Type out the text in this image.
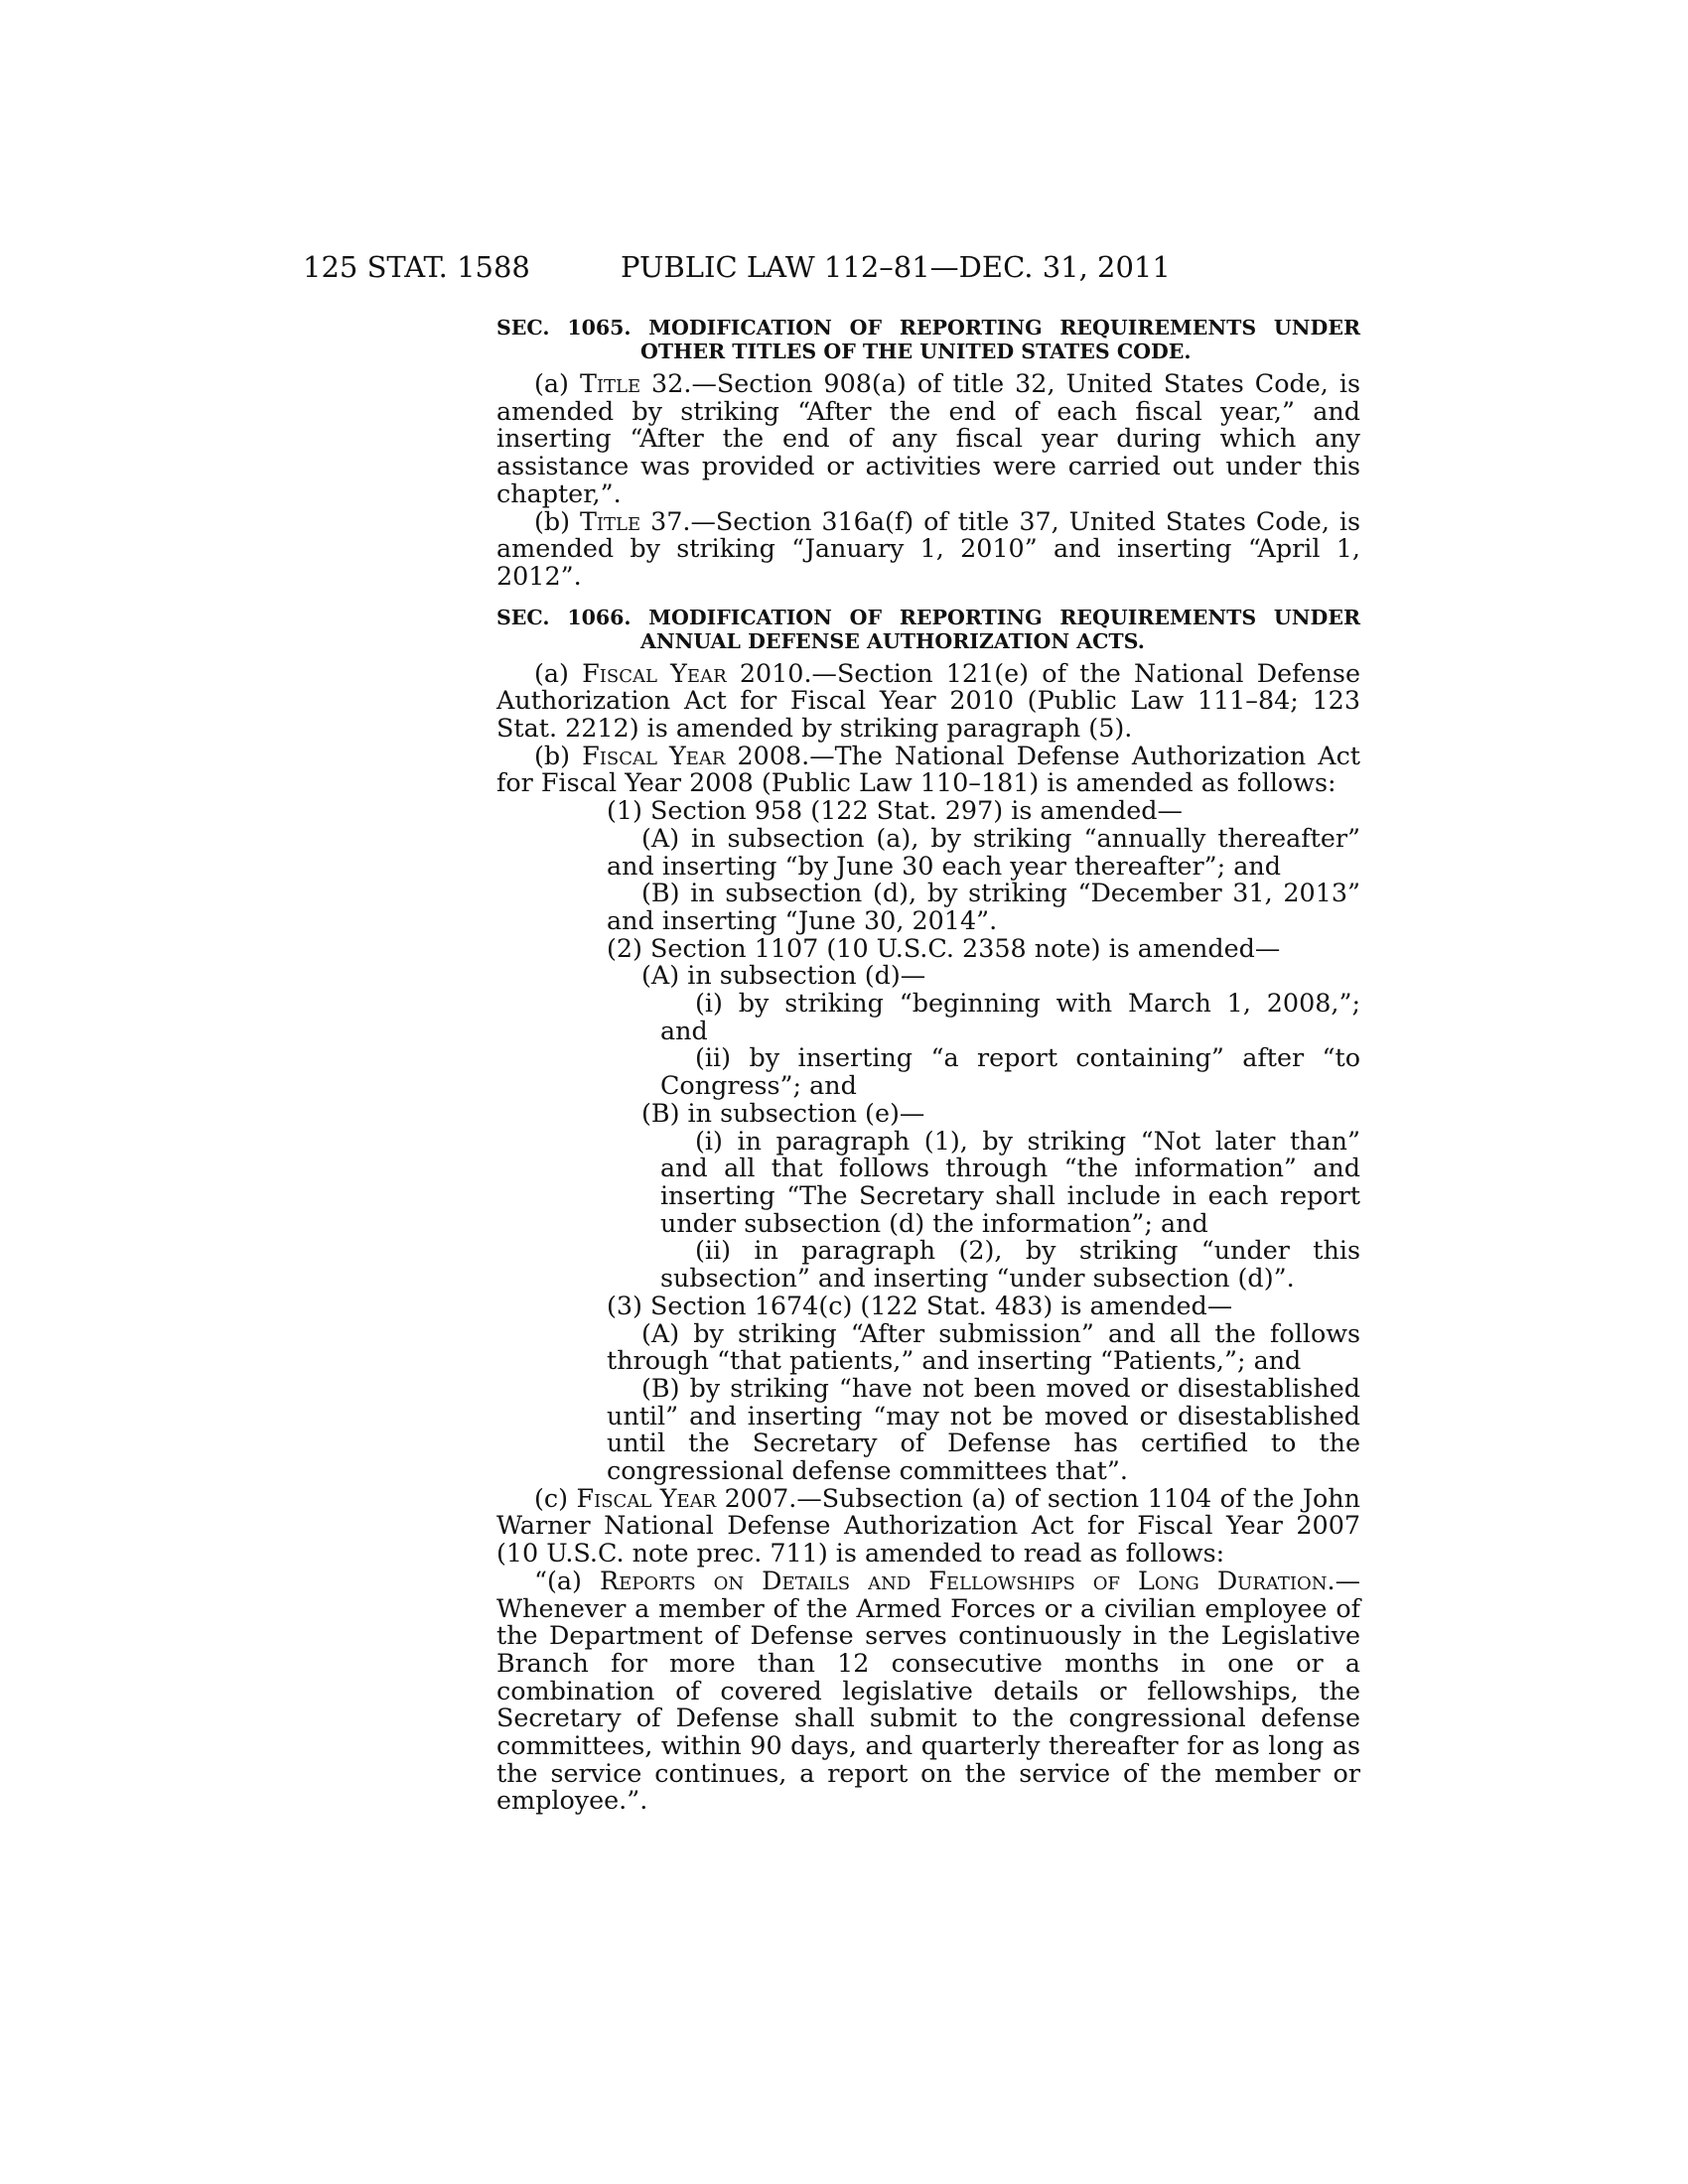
125 STAT. 1588	PUBLIC LAW 112–81—DEC. 31, 2011
SEC. 1065. MODIFICATION OF REPORTING REQUIREMENTS UNDER
OTHER TITLES OF THE UNITED STATES CODE.

(a) Title 32.—Section 908(a) of title 32, United States Code, is amended by striking “After the end of each fiscal year,” and inserting “After the end of any fiscal year during which any assistance was provided or activities were carried out under this chapter,”.

(b) Title 37.—Section 316a(f) of title 37, United States Code, is amended by striking “January 1, 2010” and inserting “April 1, 2012”.

SEC. 1066. MODIFICATION OF REPORTING REQUIREMENTS UNDER
ANNUAL DEFENSE AUTHORIZATION ACTS.

(a) Fiscal Year 2010.—Section 121(e) of the National Defense Authorization Act for Fiscal Year 2010 (Public Law 111–84; 123 Stat. 2212) is amended by striking paragraph (5).

(b) Fiscal Year 2008.—The National Defense Authorization Act for Fiscal Year 2008 (Public Law 110–181) is amended as follows:

(1) Section 958 (122 Stat. 297) is amended—

(A) in subsection (a), by striking “annually thereafter” and inserting “by June 30 each year thereafter”; and

(B) in subsection (d), by striking “December 31, 2013” and inserting “June 30, 2014”.

(2) Section 1107 (10 U.S.C. 2358 note) is amended—

(A) in subsection (d)—

(i) by striking “beginning with March 1, 2008,”; and

(ii) by inserting “a report containing” after “to Congress”; and

(B) in subsection (e)—

(i) in paragraph (1), by striking “Not later than” and all that follows through “the information” and inserting “The Secretary shall include in each report under subsection (d) the information”; and

(ii) in paragraph (2), by striking “under this subsection” and inserting “under subsection (d)”.

(3) Section 1674(c) (122 Stat. 483) is amended—

(A) by striking “After submission” and all the follows through “that patients,” and inserting “Patients,”; and

(B) by striking “have not been moved or disestablished until” and inserting “may not be moved or disestablished until the Secretary of Defense has certified to the congressional defense committees that”.

(c) Fiscal Year 2007.—Subsection (a) of section 1104 of the John Warner National Defense Authorization Act for Fiscal Year 2007 (10 U.S.C. note prec. 711) is amended to read as follows:

“(a) Reports on Details and Fellowships of Long Duration.—Whenever a member of the Armed Forces or a civilian employee of the Department of Defense serves continuously in the Legislative Branch for more than 12 consecutive months in one or a combination of covered legislative details or fellowships, the Secretary of Defense shall submit to the congressional defense committees, within 90 days, and quarterly thereafter for as long as the service continues, a report on the service of the member or employee.”.
